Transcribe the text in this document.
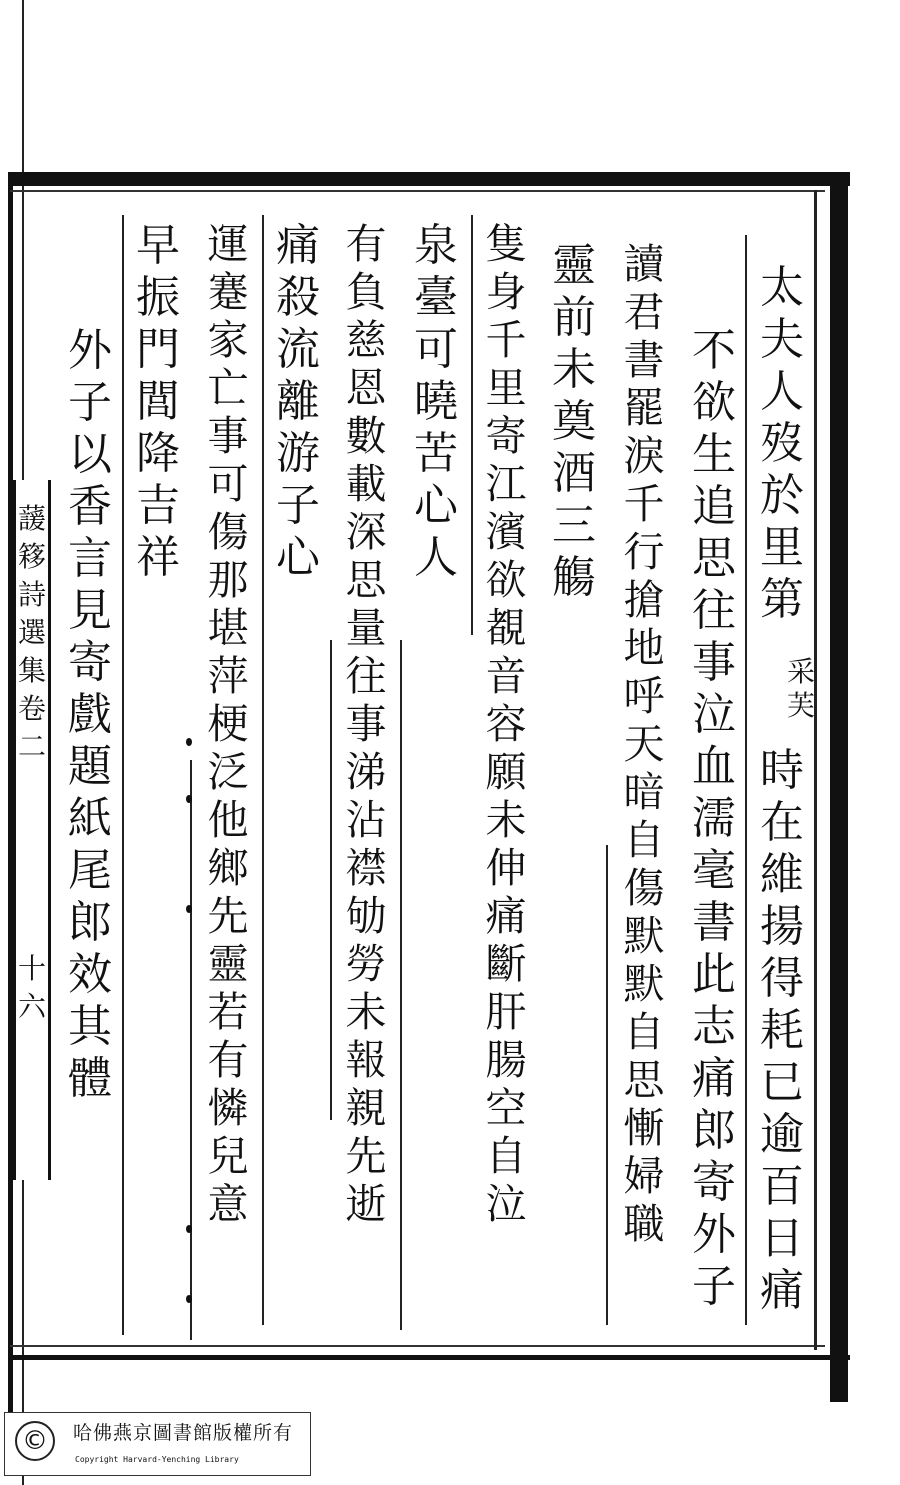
太夫人歿於里第
采芙
時在維揚得耗已逾百日痛
不欲生追思往事泣血濡毫書此志痛郎寄外子
讀君書罷淚千行搶地呼天暗自傷默默自思慚婦職
靈前未奠酒三觴
隻身千里寄江濱欲覩音容願未伸痛斷肝腸空自泣
泉臺可曉苦心人
有負慈恩數載深思量往事涕沾襟劬勞未報親先逝
痛殺流離游子心
運蹇家亡事可傷那堪萍梗泛他鄉先靈若有憐兒意
早振門閭降吉祥
外子以香言見寄戲題紙尾郎效其體
蘐簃詩選集卷二
十六
©	哈佛燕京圖書館版權所有
Copyright Harvard-Yenching Library
